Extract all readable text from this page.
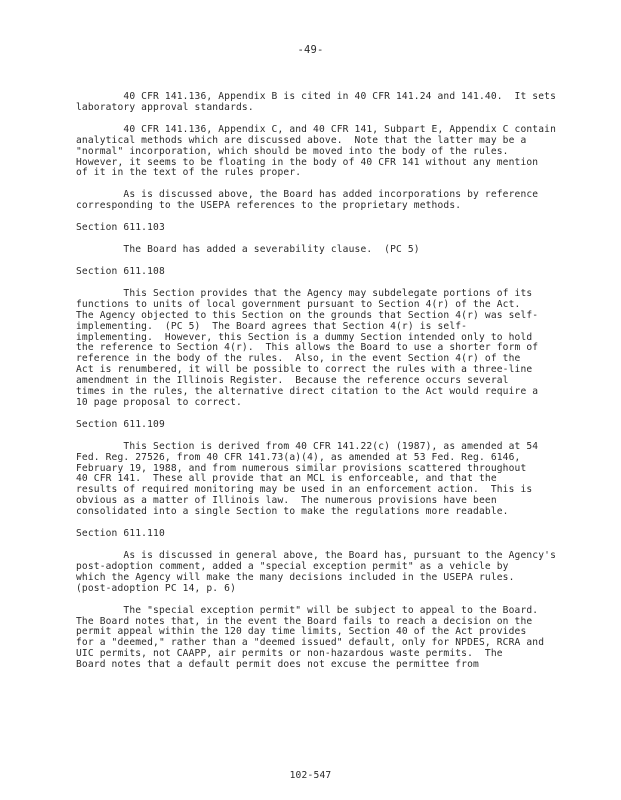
-49-
40 CFR 141.136, Appendix B is cited in 40 CFR 141.24 and 141.40.  It sets
laboratory approval standards.
40 CFR 141.136, Appendix C, and 40 CFR 141, Subpart E, Appendix C contain
analytical methods which are discussed above.  Note that the latter may be a
"normal" incorporation, which should be moved into the body of the rules.
However, it seems to be floating in the body of 40 CFR 141 without any mention
of it in the text of the rules proper.
As is discussed above, the Board has added incorporations by reference
corresponding to the USEPA references to the proprietary methods.
Section 611.103
The Board has added a severability clause.  (PC 5)
Section 611.108
This Section provides that the Agency may subdelegate portions of its
functions to units of local government pursuant to Section 4(r) of the Act.
The Agency objected to this Section on the grounds that Section 4(r) was self-
implementing.  (PC 5)  The Board agrees that Section 4(r) is self-
implementing.  However, this Section is a dummy Section intended only to hold
the reference to Section 4(r).  This allows the Board to use a shorter form of
reference in the body of the rules.  Also, in the event Section 4(r) of the
Act is renumbered, it will be possible to correct the rules with a three-line
amendment in the Illinois Register.  Because the reference occurs several
times in the rules, the alternative direct citation to the Act would require a
10 page proposal to correct.
Section 611.109
This Section is derived from 40 CFR 141.22(c) (1987), as amended at 54
Fed. Reg. 27526, from 40 CFR 141.73(a)(4), as amended at 53 Fed. Reg. 6146,
February 19, 1988, and from numerous similar provisions scattered throughout
40 CFR 141.  These all provide that an MCL is enforceable, and that the
results of required monitoring may be used in an enforcement action.  This is
obvious as a matter of Illinois law.  The numerous provisions have been
consolidated into a single Section to make the regulations more readable.
Section 611.110
As is discussed in general above, the Board has, pursuant to the Agency's
post-adoption comment, added a "special exception permit" as a vehicle by
which the Agency will make the many decisions included in the USEPA rules.
(post-adoption PC 14, p. 6)
The "special exception permit" will be subject to appeal to the Board.
The Board notes that, in the event the Board fails to reach a decision on the
permit appeal within the 120 day time limits, Section 40 of the Act provides
for a "deemed," rather than a "deemed issued" default, only for NPDES, RCRA and
UIC permits, not CAAPP, air permits or non-hazardous waste permits.  The
Board notes that a default permit does not excuse the permittee from
102-547
